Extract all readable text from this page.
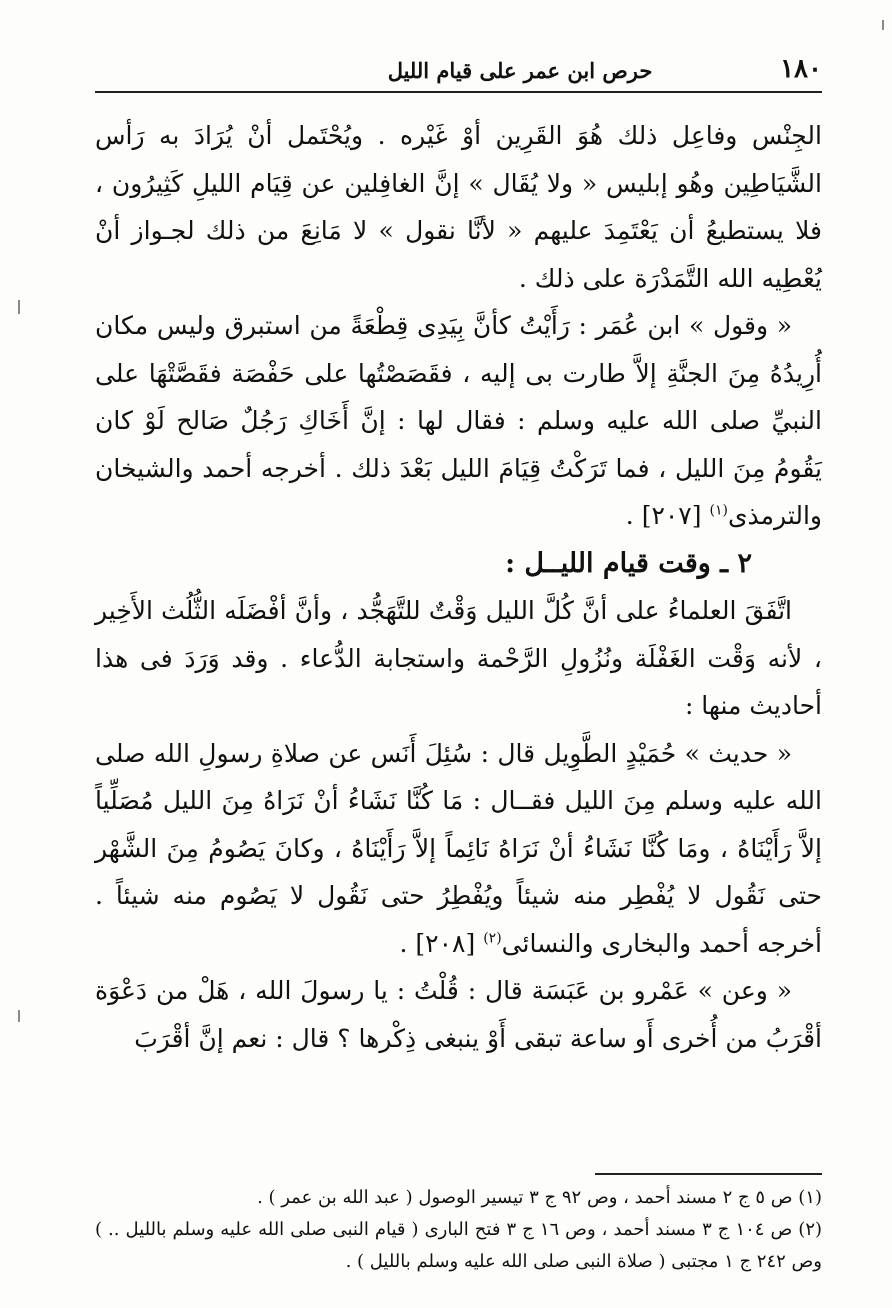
١٨٠
حرص ابن عمر على قيام الليل

الجِنْس وفاعِل ذلك هُوَ القَرِين أوْ غَيْره . ويُحْتَمل أنْ يُرَادَ به رَأس الشَّيَاطِين وهُو إبليس « ولا يُقَال » إنَّ الغافِلين عن قِيَام الليلِ كَثِيرُون ، فلا يستطيعُ أن يَعْتَمِدَ عليهم « لأنَّا نقول » لا مَانِعَ من ذلك لجـواز أنْ يُعْطِيه الله التَّمَدْرَة على ذلك .

« وقول » ابن عُمَر : رَأَيْتُ كأنَّ بِيَدِى قِطْعَةً من استبرق وليس مكان أُرِيدُهُ مِنَ الجنَّةِ إلاَّ طارت بى إليه ، فقَصَصْتُها على حَفْصَة فقَصَّتْهَا على النبيِّ صلى الله عليه وسلم : فقال لها : إنَّ أَخَاكِ رَجُلٌ صَالح لَوْ كان يَقُومُ مِنَ الليل ، فما تَرَكْتُ قِيَامَ الليل بَعْدَ ذلك . أخرجه أحمد والشيخان والترمذى$^{(١)}$ [٢٠٧] .

٢ ـ وقت قيام الليــل :

اتَّفَقَ العلماءُ على أنَّ كُلَّ الليل وَقْتٌ للتَّهَجُّد ، وأنَّ أفْضَلَه الثُّلُث الأَخِير ، لأنه وَقْت الغَفْلَة ونُزُولِ الرَّحْمة واستجابة الدُّعاء . وقد وَرَدَ فى هذا أحاديث منها :

« حديث » حُمَيْدٍ الطَّوِيل قال : سُئِلَ أَنَس عن صلاةِ رسولِ الله صلى الله عليه وسلم مِنَ الليل فقــال : مَا كُنَّا نَشَاءُ أنْ نَرَاهُ مِنَ الليل مُصَلِّياً إلاَّ رَأَيْنَاهُ ، ومَا كُنَّا نَشَاءُ أنْ نَرَاهُ نَائِماً إلاَّ رَأَيْنَاهُ ، وكانَ يَصُومُ مِنَ الشَّهْر حتى نَقُول لا يُفْطِر منه شيئاً ويُفْطِرُ حتى نَقُول لا يَصُوم منه شيئاً . أخرجه أحمد والبخارى والنسائى$^{(٢)}$ [٢٠٨] .

« وعن » عَمْرو بن عَبَسَة قال : قُلْتُ : يا رسولَ الله ، هَلْ من دَعْوَة أقْرَبُ من أُخرى أَو ساعة تبقى أَوْ ينبغى ذِكْرها ؟ قال : نعم إنَّ أقْرَبَ

(١) ص ٥ ج ٢ مسند أحمد ، وص ٩٢ ج ٣ تيسير الوصول ( عبد الله بن عمر ) .

(٢) ص ١٠٤ ج ٣ مسند أحمد ، وص ١٦ ج ٣ فتح البارى ( قيام النبى صلى الله عليه وسلم بالليل .. ) وص ٢٤٢ ج ١ مجتبى ( صلاة النبى صلى الله عليه وسلم بالليل ) .
